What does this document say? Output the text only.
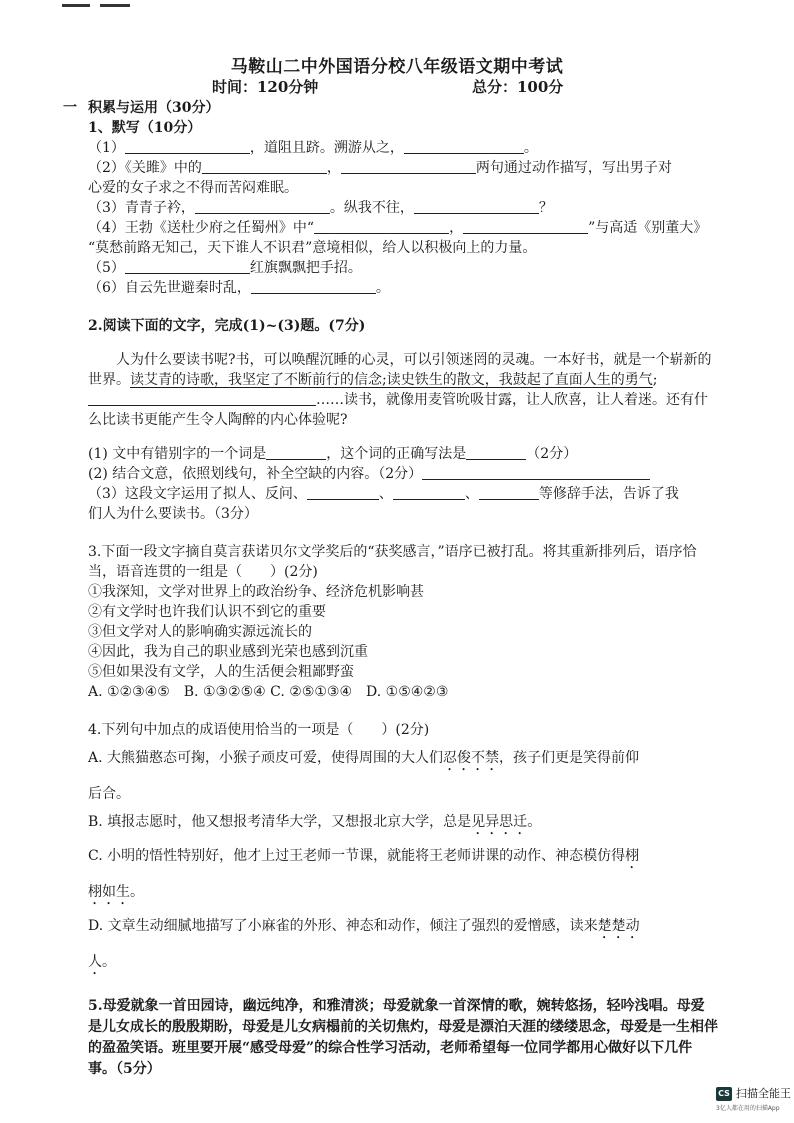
马鞍山二中外国语分校八年级语文期中考试
时间：120分钟	总分：100分
一 积累与运用（30分）
1、默写（10分）
（1）	，道阻且跻。溯游从之，	。
（2）《关雎》中的	，	两句通过动作描写，写出男子对
心爱的女子求之不得而苦闷难眠。
（3）青青子衿，	。纵我不往，	？
（4）王勃《送杜少府之任蜀州》中“	，	”与高适《别董大》
“莫愁前路无知己，天下谁人不识君”意境相似，给人以积极向上的力量。
（5）	红旗飘飘把手招。
（6）自云先世避秦时乱，	。
2.阅读下面的文字，完成(1)~(3)题。(7分)
人为什么要读书呢?书，可以唤醒沉睡的心灵，可以引领迷罔的灵魂。一本好书，就是一个崭新的世界。读艾青的诗歌，我坚定了不断前行的信念;读史铁生的散文，我鼓起了直面人生的勇气;……读书，就像用麦管吮吸甘露，让人欣喜，让人着迷。还有什么比读书更能产生令人陶醉的内心体验呢?
(1) 文中有错别字的一个词是	，这个词的正确写法是	（2分）
(2) 结合文意，依照划线句，补全空缺的内容。（2分）
（3）这段文字运用了拟人、反问、	、	、	等修辞手法，告诉了我
们人为什么要读书。（3分）
3.下面一段文字摘自莫言获诺贝尔文学奖后的“获奖感言，”语序已被打乱。将其重新排列后，语序恰当，语音连贯的一组是（　　）(2分)
①我深知，文学对世界上的政治纷争、经济危机影响甚
②有文学时也许我们认识不到它的重要
③但文学对人的影响确实源远流长的
④因此，我为自己的职业感到光荣也感到沉重
⑤但如果没有文学，人的生活便会粗鄙野蛮
A. ①②③④⑤　B. ①③②⑤④ C. ②⑤①③④　D. ①⑤④②③

4.下列句中加点的成语使用恰当的一项是（　　）(2分)

A. 大熊猫憨态可掬，小猴子顽皮可爱，使得周围的大人们忍俊不禁，孩子们更是笑得前仰

后合。

B. 填报志愿时，他又想报考清华大学，又想报北京大学，总是见异思迁。

C. 小明的悟性特别好，他才上过王老师一节课，就能将王老师讲课的动作、神态模仿得栩

栩如生。

D. 文章生动细腻地描写了小麻雀的外形、神态和动作，倾注了强烈的爱憎感，读来楚楚动

人。

5.母爱就象一首田园诗，幽远纯净，和雅清淡；母爱就象一首深情的歌，婉转悠扬，轻吟浅唱。母爱是儿女成长的殷殷期盼，母爱是儿女病榻前的关切焦灼，母爱是漂泊天涯的缕缕思念，母爱是一生相伴的盈盈笑语。班里要开展“感受母爱”的综合性学习活动，老师希望每一位同学都用心做好以下几件事。（5分）
CS 扫描全能王
3亿人都在用的扫描App
